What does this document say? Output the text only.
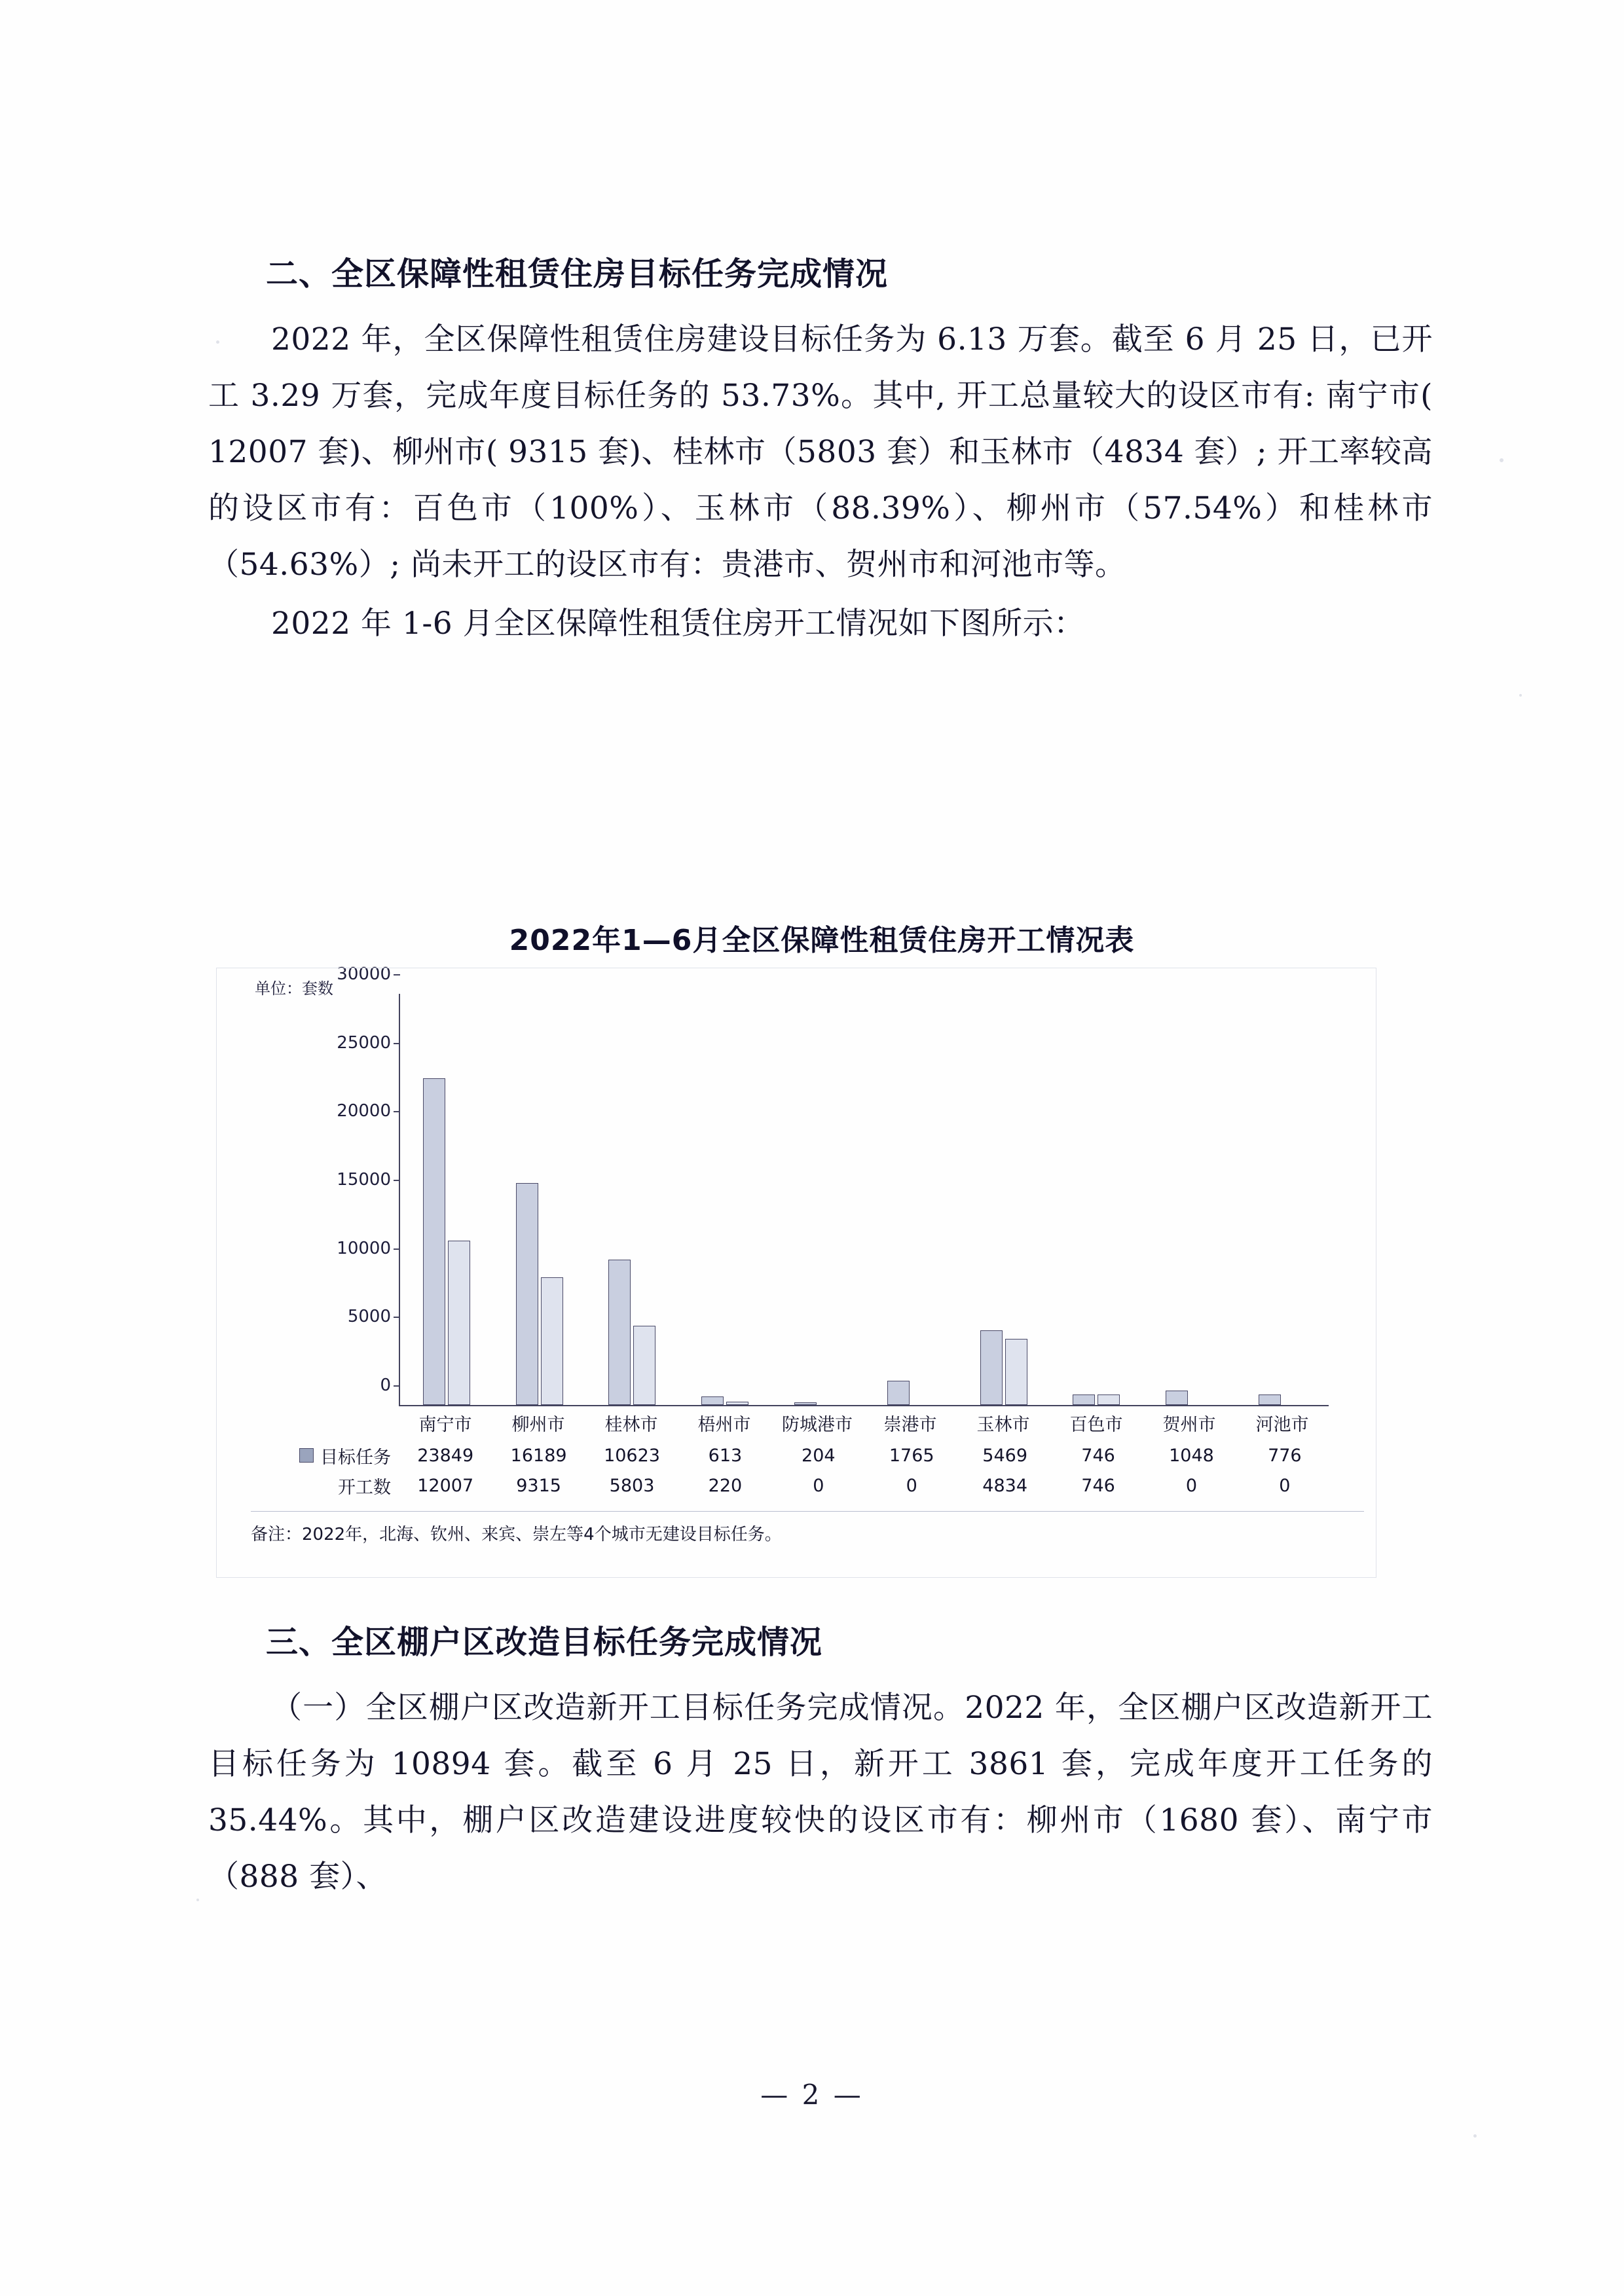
二、全区保障性租赁住房目标任务完成情况

2022 年，全区保障性租赁住房建设目标任务为 6.13 万套。截至 6 月 25 日，已开工 3.29 万套，完成年度目标任务的 53.73%。其中, 开工总量较大的设区市有: 南宁市( 12007 套)、柳州市( 9315 套)、桂林市（5803 套）和玉林市（4834 套）; 开工率较高的设区市有：百色市（100%）、玉林市（88.39%）、柳州市（57.54%）和桂林市（54.63%）; 尚未开工的设区市有：贵港市、贺州市和河池市等。

2022 年 1-6 月全区保障性租赁住房开工情况如下图所示：

2022年1—6月全区保障性租赁住房开工情况表
单位：套数
0
5000
10000
15000
20000
25000
30000
南宁市	柳州市	桂林市	梧州市	防城港市	崇港市	玉林市	百色市	贺州市	河池市
目标任务	23849	16189	10623	613	204	1765	5469	746	1048	776
开工数	12007	9315	5803	220	0	0	4834	746	0	0
备注：2022年，北海、钦州、来宾、崇左等4个城市无建设目标任务。
三、全区棚户区改造目标任务完成情况

（一）全区棚户区改造新开工目标任务完成情况。2022 年，全区棚户区改造新开工目标任务为 10894 套。截至 6 月 25 日，新开工 3861 套，完成年度开工任务的 35.44%。其中，棚户区改造建设进度较快的设区市有：柳州市（1680 套）、南宁市（888 套）、

— 2 —
